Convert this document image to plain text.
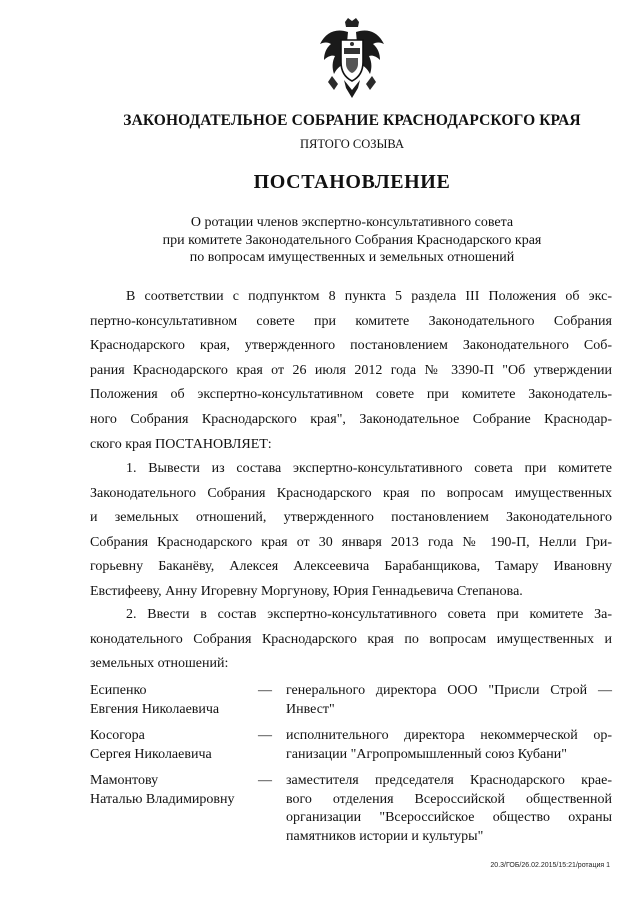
ЗАКОНОДАТЕЛЬНОЕ СОБРАНИЕ КРАСНОДАРСКОГО КРАЯ
ПЯТОГО СОЗЫВА
ПОСТАНОВЛЕНИЕ
О ротации членов экспертно-консультативного совета
при комитете Законодательного Собрания Краснодарского края
по вопросам имущественных и земельных отношений
В соответствии с подпунктом 8 пункта 5 раздела III Положения об экс-
пертно-консультативном совете при комитете Законодательного Собрания
Краснодарского края, утвержденного постановлением Законодательного Соб-
рания Краснодарского края от 26 июля 2012 года № 3390-П "Об утверждении
Положения об экспертно-консультативном совете при комитете Законодатель-
ного Собрания Краснодарского края", Законодательное Собрание Краснодар-
ского края ПОСТАНОВЛЯЕТ:
1. Вывести из состава экспертно-консультативного совета при комитете
Законодательного Собрания Краснодарского края по вопросам имущественных
и земельных отношений, утвержденного постановлением Законодательного
Собрания Краснодарского края от 30 января 2013 года № 190-П, Нелли Гри-
горьевну Баканёву, Алексея Алексеевича Барабанщикова, Тамару Ивановну
Евстифееву, Анну Игоревну Моргунову, Юрия Геннадьевича Степанова.
2. Ввести в состав экспертно-консультативного совета при комитете За-
конодательного Собрания Краснодарского края по вопросам имущественных и
земельных отношений:
Есипенко
Евгения Николаевича
— генерального директора ООО "Присли Строй —
Инвест"
Косогора
Сергея Николаевича
— исполнительного директора некоммерческой ор-
ганизации "Агропромышленный союз Кубани"
Мамонтову
Наталью Владимировну
— заместителя председателя Краснодарского крае-
вого отделения Всероссийской общественной
организации "Всероссийское общество охраны
памятников истории и культуры"
20.3/ГОБ/26.02.2015/15:21/ротация 1
